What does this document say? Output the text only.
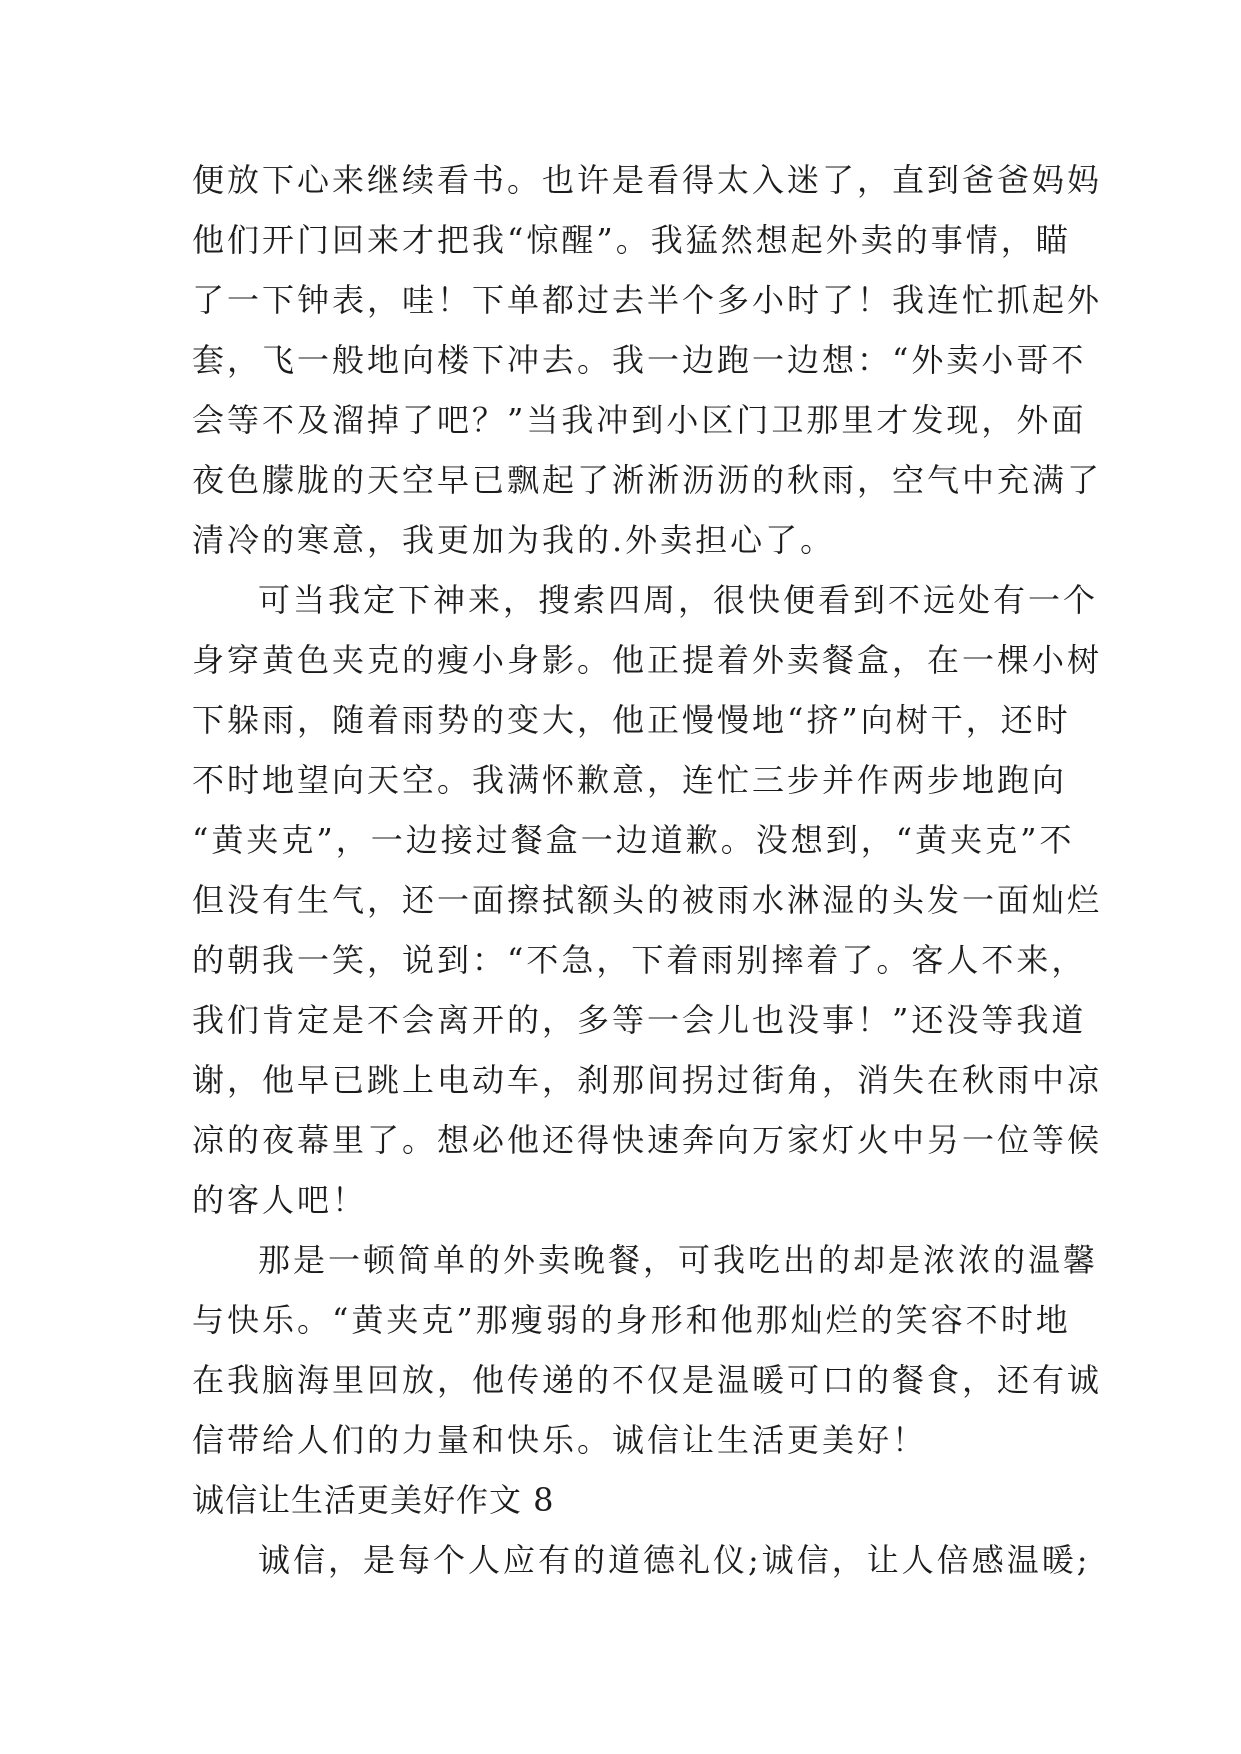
便放下心来继续看书。也许是看得太入迷了，直到爸爸妈妈
他们开门回来才把我“惊醒”。我猛然想起外卖的事情，瞄
了一下钟表，哇！下单都过去半个多小时了！我连忙抓起外
套，飞一般地向楼下冲去。我一边跑一边想：“外卖小哥不
会等不及溜掉了吧？”当我冲到小区门卫那里才发现，外面
夜色朦胧的天空早已飘起了淅淅沥沥的秋雨，空气中充满了
清冷的寒意，我更加为我的.外卖担心了。
可当我定下神来，搜索四周，很快便看到不远处有一个
身穿黄色夹克的瘦小身影。他正提着外卖餐盒，在一棵小树
下躲雨，随着雨势的变大，他正慢慢地“挤”向树干，还时
不时地望向天空。我满怀歉意，连忙三步并作两步地跑向
“黄夹克”，一边接过餐盒一边道歉。没想到，“黄夹克”不
但没有生气，还一面擦拭额头的被雨水淋湿的头发一面灿烂
的朝我一笑，说到：“不急，下着雨别摔着了。客人不来，
我们肯定是不会离开的，多等一会儿也没事！”还没等我道
谢，他早已跳上电动车，刹那间拐过街角，消失在秋雨中凉
凉的夜幕里了。想必他还得快速奔向万家灯火中另一位等候
的客人吧！
那是一顿简单的外卖晚餐，可我吃出的却是浓浓的温馨
与快乐。“黄夹克”那瘦弱的身形和他那灿烂的笑容不时地
在我脑海里回放，他传递的不仅是温暖可口的餐食，还有诚
信带给人们的力量和快乐。诚信让生活更美好！
诚信让生活更美好作文 8
诚信，是每个人应有的道德礼仪;诚信，让人倍感温暖;
